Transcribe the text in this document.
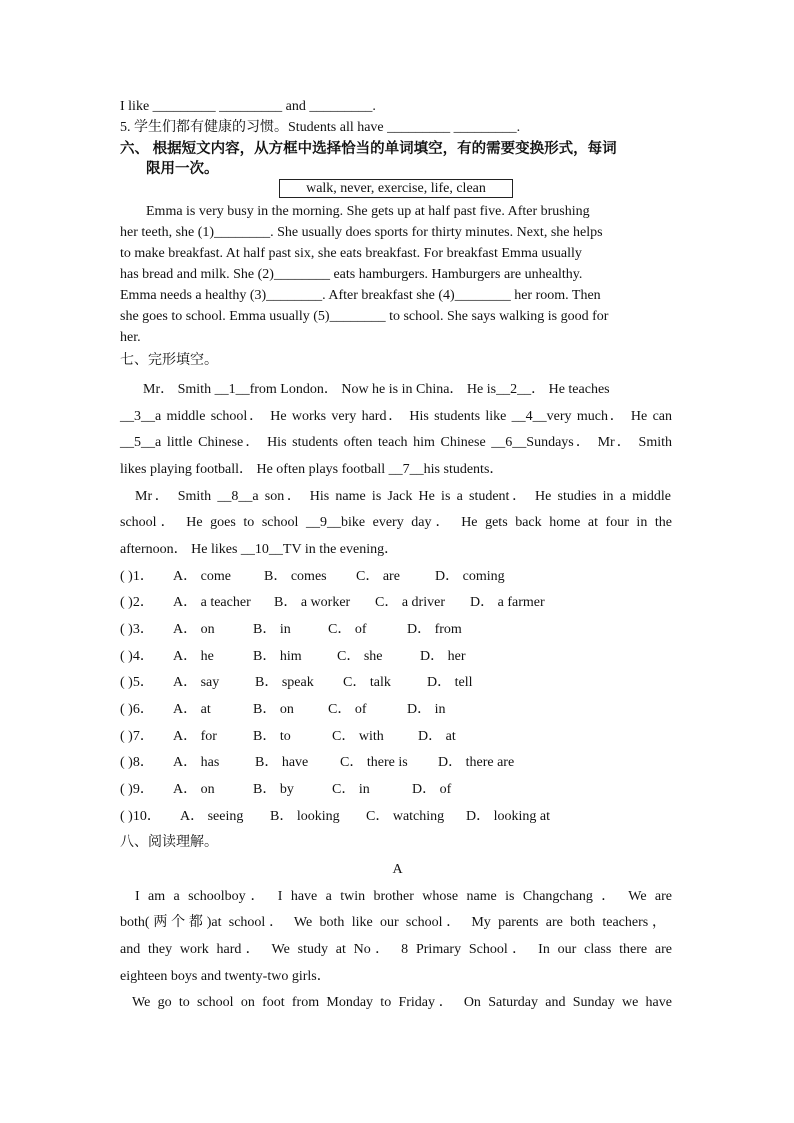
I like _________ _________ and _________.
5. 学生们都有健康的习惯。Students all have _________ _________.
六、 根据短文内容，从方框中选择恰当的单词填空，有的需要变换形式，每词
限用一次。
walk, never, exercise, life, clean
Emma is very busy in the morning. She gets up at half past five. After brushing
her teeth, she (1)________. She usually does sports for thirty minutes. Next, she helps
to make breakfast. At half past six, she eats breakfast. For breakfast Emma usually
has bread and milk. She (2)________ eats hamburgers. Hamburgers are unhealthy.
Emma needs a healthy (3)________. After breakfast she (4)________ her room. Then
she goes to school. Emma usually (5)________ to school. She says walking is good for
her.
七、完形填空。
Mr． Smith __1__from London． Now he is in China． He is__2__． He teaches
__3__a middle school． He works very hard． His students like __4__very much． He can
__5__a little Chinese． His students often teach him Chinese __6__Sundays． Mr． Smith
likes playing football． He often plays football __7__his students．
Mr． Smith __8__a son． His name is Jack He is a student． He studies in a middle
school． He goes to school __9__bike every day． He gets back home at four in the
afternoon． He likes __10__TV in the evening．
( )1． A． come B． comes C． are	D． coming
( )2． A． a teacher B． a worker C． a driver D． a farmer
( )3． A． on	B． in	C． of	D． from
( )4． A． he	B． him	C． she	D． her
( )5． A． say	B． speak C． talk	D． tell
( )6． A． at	B． on C． of	D． in
( )7． A． for	B． to	C． with D． at
( )8． A． has	B． have C． there is D． there are
( )9． A． on	B． by	C． in	D． of
( )10． A． seeing B． looking C． watching D． looking at
八、阅读理解。
A
I am a schoolboy． I have a twin brother whose name is Changchang ． We are
both(两个都)at school． We both like our school． My parents are both teachers，
and they work hard． We study at No． 8 Primary School． In our class there are
eighteen boys and twenty-two girls．
We go to school on foot from Monday to Friday． On Saturday and Sunday we have
